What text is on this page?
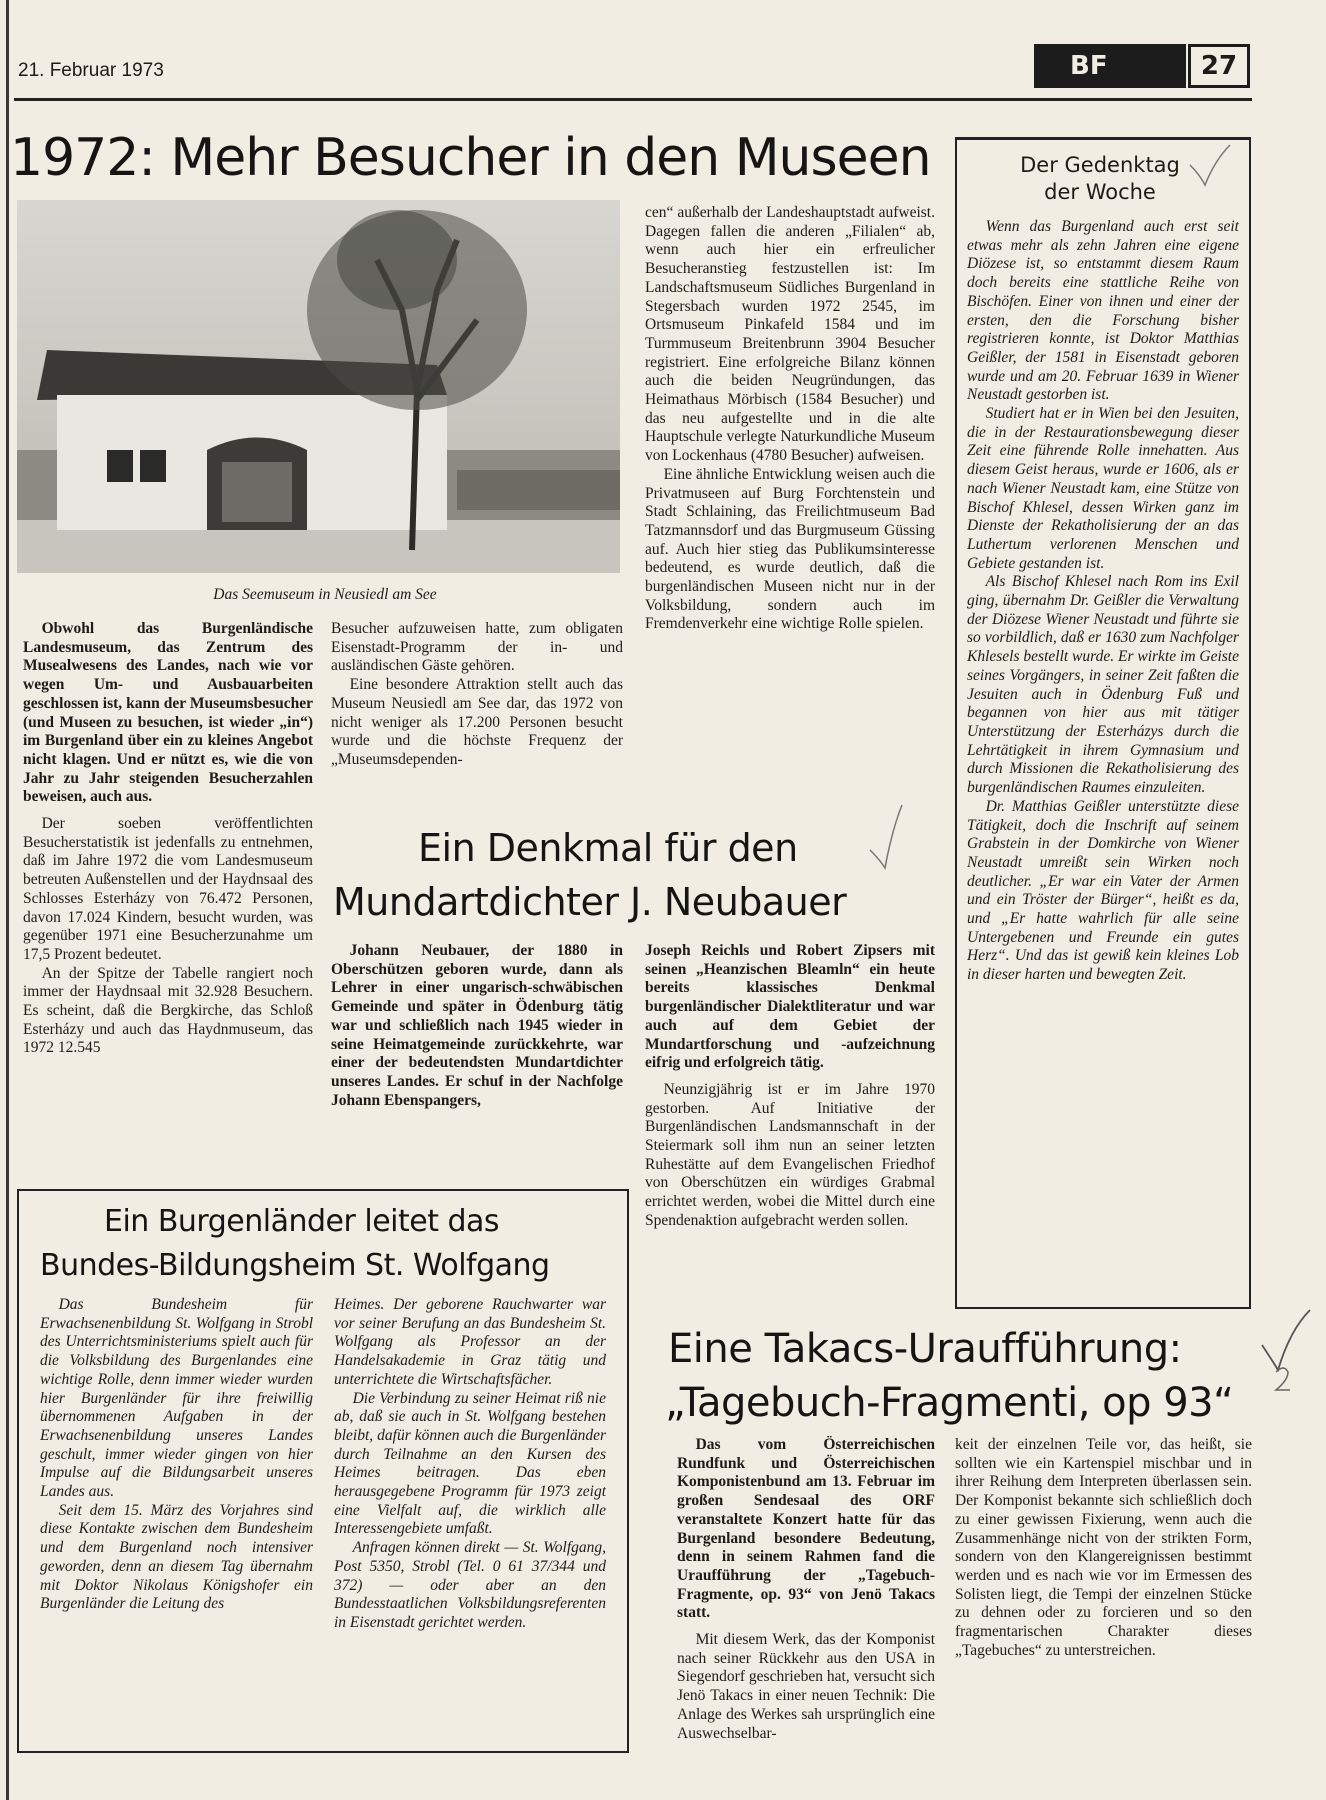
21. Februar 1973	BF	27
1972: Mehr Besucher in den Museen
Das Seemuseum in Neusiedl am See

Obwohl das Burgenländische Landesmuseum, das Zentrum des Musealwesens des Landes, nach wie vor wegen Um- und Ausbauarbeiten geschlossen ist, kann der Museumsbesucher (und Museen zu besuchen, ist wieder „in“) im Burgenland über ein zu kleines Angebot nicht klagen. Und er nützt es, wie die von Jahr zu Jahr steigenden Besucherzahlen beweisen, auch aus.

Der soeben veröffentlichten Besucherstatistik ist jedenfalls zu entnehmen, daß im Jahre 1972 die vom Landesmuseum betreuten Außenstellen und der Haydnsaal des Schlosses Esterházy von 76.472 Personen, davon 17.024 Kindern, besucht wurden, was gegenüber 1971 eine Besucherzunahme um 17,5 Prozent bedeutet.

An der Spitze der Tabelle rangiert noch immer der Haydnsaal mit 32.928 Besuchern. Es scheint, daß die Bergkirche, das Schloß Esterházy und auch das Haydnmuseum, das 1972 12.545

Besucher aufzuweisen hatte, zum obligaten Eisenstadt-Programm der in- und ausländischen Gäste gehören.

Eine besondere Attraktion stellt auch das Museum Neusiedl am See dar, das 1972 von nicht weniger als 17.200 Personen besucht wurde und die höchste Frequenz der „Museumsdependen-

cen“ außerhalb der Landeshauptstadt aufweist. Dagegen fallen die anderen „Filialen“ ab, wenn auch hier ein erfreulicher Besucheranstieg festzustellen ist: Im Landschaftsmuseum Südliches Burgenland in Stegersbach wurden 1972 2545, im Ortsmuseum Pinkafeld 1584 und im Turmmuseum Breitenbrunn 3904 Besucher registriert. Eine erfolgreiche Bilanz können auch die beiden Neugründungen, das Heimathaus Mörbisch (1584 Besucher) und das neu aufgestellte und in die alte Hauptschule verlegte Naturkundliche Museum von Lockenhaus (4780 Besucher) aufweisen.

Eine ähnliche Entwicklung weisen auch die Privatmuseen auf Burg Forchtenstein und Stadt Schlaining, das Freilichtmuseum Bad Tatzmannsdorf und das Burgmuseum Güssing auf. Auch hier stieg das Publikumsinteresse bedeutend, es wurde deutlich, daß die burgenländischen Museen nicht nur in der Volksbildung, sondern auch im Fremdenverkehr eine wichtige Rolle spielen.

Der Gedenktag
der Woche

Wenn das Burgenland auch erst seit etwas mehr als zehn Jahren eine eigene Diözese ist, so entstammt diesem Raum doch bereits eine stattliche Reihe von Bischöfen. Einer von ihnen und einer der ersten, den die Forschung bisher registrieren konnte, ist Doktor Matthias Geißler, der 1581 in Eisenstadt geboren wurde und am 20. Februar 1639 in Wiener Neustadt gestorben ist.

Studiert hat er in Wien bei den Jesuiten, die in der Restaurationsbewegung dieser Zeit eine führende Rolle innehatten. Aus diesem Geist heraus, wurde er 1606, als er nach Wiener Neustadt kam, eine Stütze von Bischof Khlesel, dessen Wirken ganz im Dienste der Rekatholisierung der an das Luthertum verlorenen Menschen und Gebiete gestanden ist.

Als Bischof Khlesel nach Rom ins Exil ging, übernahm Dr. Geißler die Verwaltung der Diözese Wiener Neustadt und führte sie so vorbildlich, daß er 1630 zum Nachfolger Khlesels bestellt wurde. Er wirkte im Geiste seines Vorgängers, in seiner Zeit faßten die Jesuiten auch in Ödenburg Fuß und begannen von hier aus mit tätiger Unterstützung der Esterházys durch die Lehrtätigkeit in ihrem Gymnasium und durch Missionen die Rekatholisierung des burgenländischen Raumes einzuleiten.

Dr. Matthias Geißler unterstützte diese Tätigkeit, doch die Inschrift auf seinem Grabstein in der Domkirche von Wiener Neustadt umreißt sein Wirken noch deutlicher. „Er war ein Vater der Armen und ein Tröster der Bürger“, heißt es da, und „Er hatte wahrlich für alle seine Untergebenen und Freunde ein gutes Herz“. Und das ist gewiß kein kleines Lob in dieser harten und bewegten Zeit.

Ein Denkmal für den
Mundartdichter J. Neubauer

Johann Neubauer, der 1880 in Oberschützen geboren wurde, dann als Lehrer in einer ungarisch-schwäbischen Gemeinde und später in Ödenburg tätig war und schließlich nach 1945 wieder in seine Heimatgemeinde zurückkehrte, war einer der bedeutendsten Mundartdichter unseres Landes. Er schuf in der Nachfolge Johann Ebenspangers,

Joseph Reichls und Robert Zipsers mit seinen „Heanzischen Bleamln“ ein heute bereits klassisches Denkmal burgenländischer Dialektliteratur und war auch auf dem Gebiet der Mundartforschung und -aufzeichnung eifrig und erfolgreich tätig.

Neunzigjährig ist er im Jahre 1970 gestorben. Auf Initiative der Burgenländischen Landsmannschaft in der Steiermark soll ihm nun an seiner letzten Ruhestätte auf dem Evangelischen Friedhof von Oberschützen ein würdiges Grabmal errichtet werden, wobei die Mittel durch eine Spendenaktion aufgebracht werden sollen.

Ein Burgenländer leitet das
Bundes-Bildungsheim St. Wolfgang

Das Bundesheim für Erwachsenenbildung St. Wolfgang in Strobl des Unterrichtsministeriums spielt auch für die Volksbildung des Burgenlandes eine wichtige Rolle, denn immer wieder wurden hier Burgenländer für ihre freiwillig übernommenen Aufgaben in der Erwachsenenbildung unseres Landes geschult, immer wieder gingen von hier Impulse auf die Bildungsarbeit unseres Landes aus.

Seit dem 15. März des Vorjahres sind diese Kontakte zwischen dem Bundesheim und dem Burgenland noch intensiver geworden, denn an diesem Tag übernahm mit Doktor Nikolaus Königshofer ein Burgenländer die Leitung des

Heimes. Der geborene Rauchwarter war vor seiner Berufung an das Bundesheim St. Wolfgang als Professor an der Handelsakademie in Graz tätig und unterrichtete die Wirtschaftsfächer.

Die Verbindung zu seiner Heimat riß nie ab, daß sie auch in St. Wolfgang bestehen bleibt, dafür können auch die Burgenländer durch Teilnahme an den Kursen des Heimes beitragen. Das eben herausgegebene Programm für 1973 zeigt eine Vielfalt auf, die wirklich alle Interessengebiete umfaßt.

Anfragen können direkt — St. Wolfgang, Post 5350, Strobl (Tel. 0 61 37/344 und 372) — oder aber an den Bundesstaatlichen Volksbildungsreferenten in Eisenstadt gerichtet werden.

Eine Takacs-Uraufführung:
„Tagebuch-Fragmenti, op 93“

Das vom Österreichischen Rundfunk und Österreichischen Komponistenbund am 13. Februar im großen Sendesaal des ORF veranstaltete Konzert hatte für das Burgenland besondere Bedeutung, denn in seinem Rahmen fand die Uraufführung der „Tagebuch-Fragmente, op. 93“ von Jenö Takacs statt.

Mit diesem Werk, das der Komponist nach seiner Rückkehr aus den USA in Siegendorf geschrieben hat, versucht sich Jenö Takacs in einer neuen Technik: Die Anlage des Werkes sah ursprünglich eine Auswechselbar-

keit der einzelnen Teile vor, das heißt, sie sollten wie ein Kartenspiel mischbar und in ihrer Reihung dem Interpreten überlassen sein. Der Komponist bekannte sich schließlich doch zu einer gewissen Fixierung, wenn auch die Zusammenhänge nicht von der strikten Form, sondern von den Klangereignissen bestimmt werden und es nach wie vor im Ermessen des Solisten liegt, die Tempi der einzelnen Stücke zu dehnen oder zu forcieren und so den fragmentarischen Charakter dieses „Tagebuches“ zu unterstreichen.
